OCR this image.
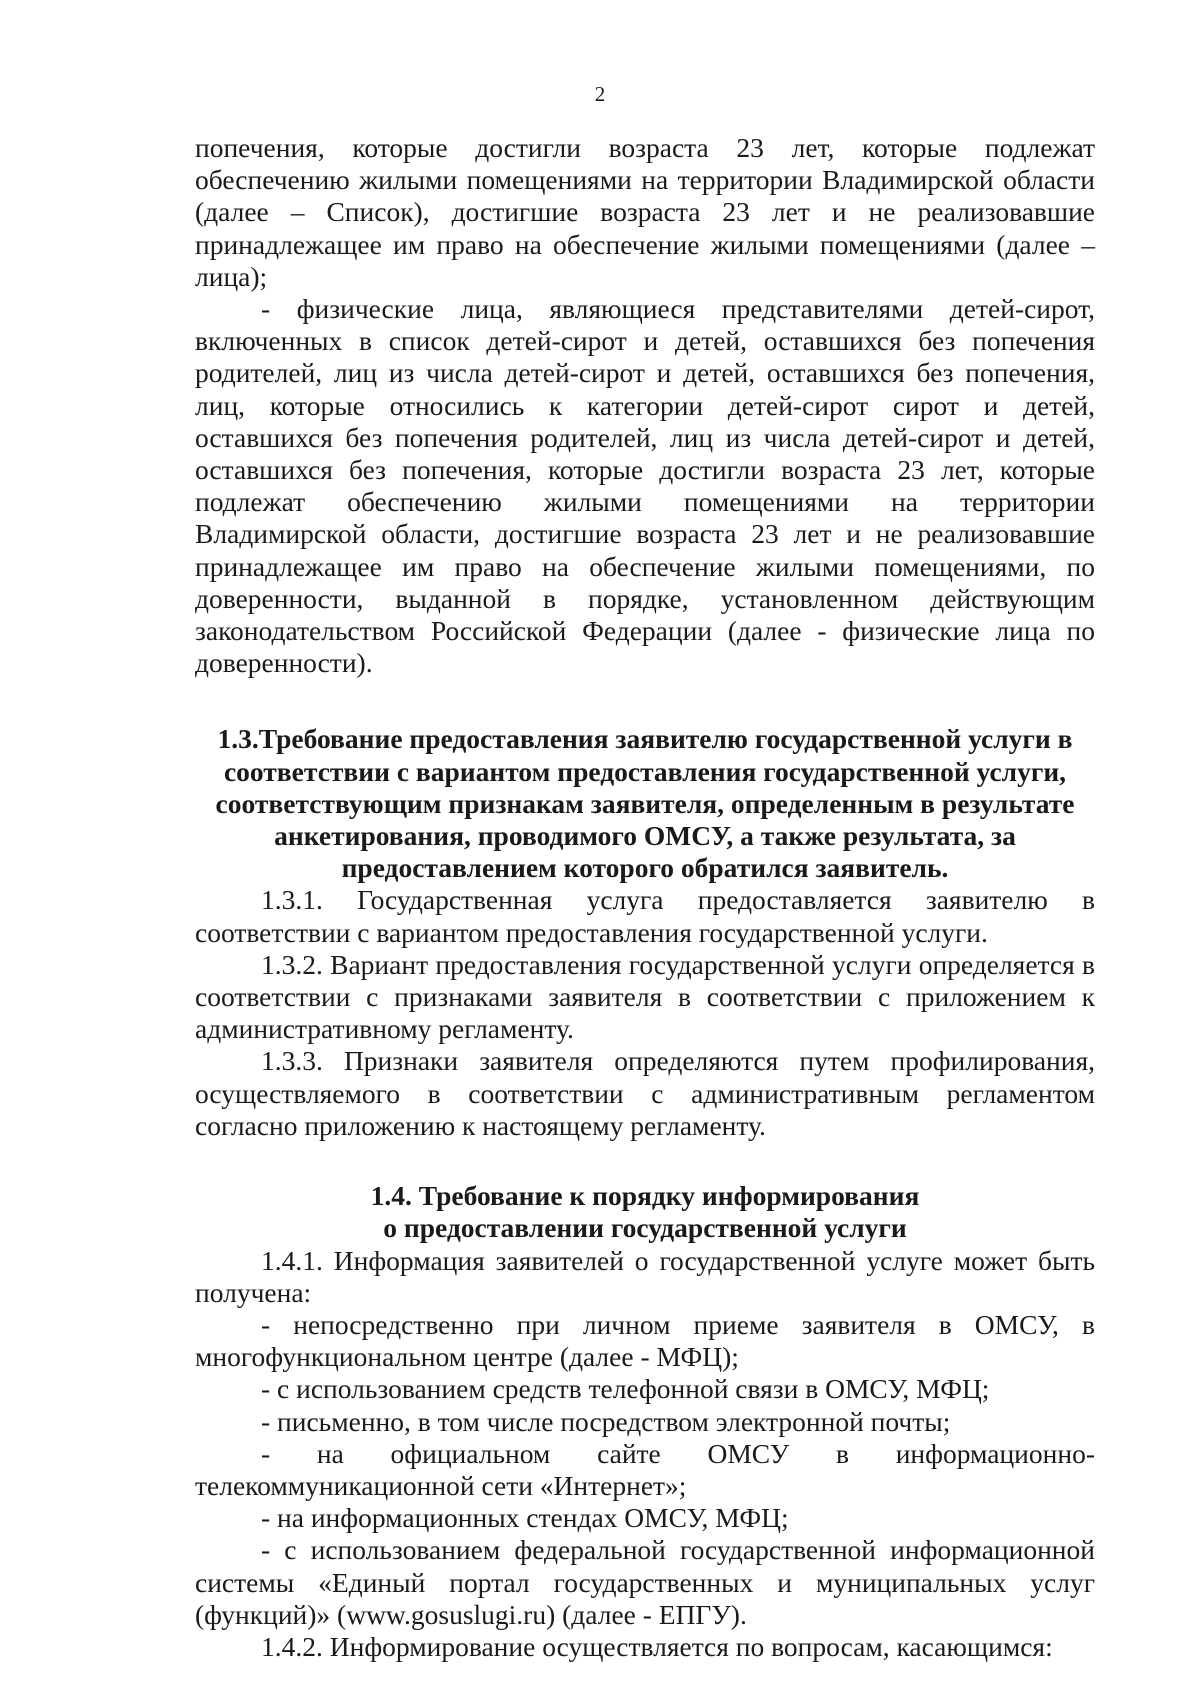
2

попечения, которые достигли возраста 23 лет, которые подлежат обеспечению жилыми помещениями на территории Владимирской области (далее – Список), достигшие возраста 23 лет и не реализовавшие принадлежащее им право на обеспечение жилыми помещениями (далее – лица);

- физические лица, являющиеся представителями детей-сирот, включенных в список детей-сирот и детей, оставшихся без попечения родителей, лиц из числа детей-сирот и детей, оставшихся без попечения, лиц, которые относились к категории детей-сирот сирот и детей, оставшихся без попечения родителей, лиц из числа детей-сирот и детей, оставшихся без попечения, которые достигли возраста 23 лет, которые подлежат обеспечению жилыми помещениями на территории Владимирской области, достигшие возраста 23 лет и не реализовавшие принадлежащее им право на обеспечение жилыми помещениями, по доверенности, выданной в порядке, установленном действующим законодательством Российской Федерации (далее - физические лица по доверенности).

1.3.Требование предоставления заявителю государственной услуги в соответствии с вариантом предоставления государственной услуги, соответствующим признакам заявителя, определенным в результате анкетирования, проводимого ОМСУ, а также результата, за предоставлением которого обратился заявитель.

1.3.1. Государственная услуга предоставляется заявителю в соответствии с вариантом предоставления государственной услуги.

1.3.2. Вариант предоставления государственной услуги определяется в соответствии с признаками заявителя в соответствии с приложением к административному регламенту.

1.3.3. Признаки заявителя определяются путем профилирования, осуществляемого в соответствии с административным регламентом согласно приложению к настоящему регламенту.

1.4. Требование к порядку информирования

о предоставлении государственной услуги

1.4.1. Информация заявителей о государственной услуге может быть получена:

- непосредственно при личном приеме заявителя в ОМСУ, в многофункциональном центре (далее - МФЦ);

- с использованием средств телефонной связи в ОМСУ, МФЦ;

- письменно, в том числе посредством электронной почты;

- на официальном сайте ОМСУ в информационно-телекоммуникационной сети «Интернет»;

- на информационных стендах ОМСУ, МФЦ;

- с использованием федеральной государственной информационной системы «Единый портал государственных и муниципальных услуг (функций)» (www.gosuslugi.ru) (далее - ЕПГУ).

1.4.2. Информирование осуществляется по вопросам, касающимся:
